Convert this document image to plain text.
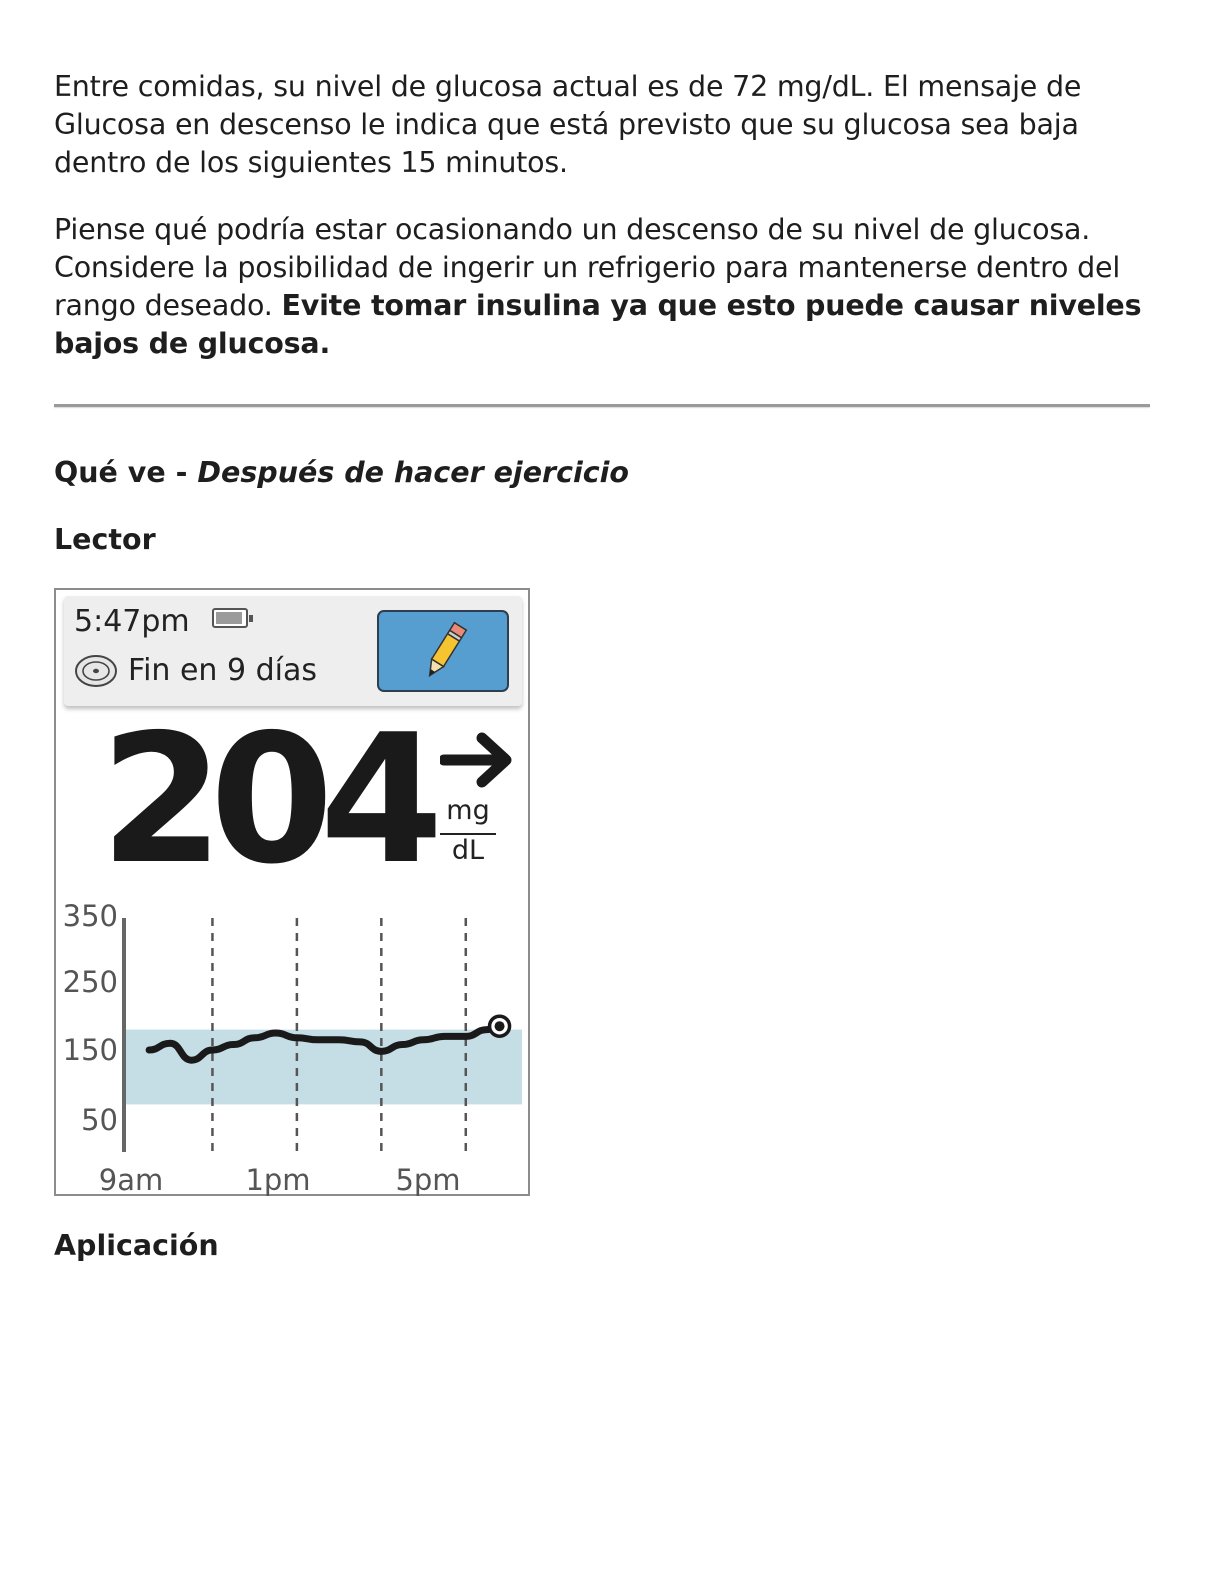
Entre comidas, su nivel de glucosa actual es de 72 mg/dL. El mensaje de Glucosa en descenso le indica que está previsto que su glucosa sea baja dentro de los siguientes 15 minutos.

Piense qué podría estar ocasionando un descenso de su nivel de glucosa. Considere la posibilidad de ingerir un refrigerio para mantenerse dentro del rango deseado. Evite tomar insulina ya que esto puede causar niveles bajos de glucosa.

Qué ve - Después de hacer ejercicio
Lector
5:47pm
Fin en 9 días
204 mg
dL
350
250
150
50
9am	1pm	5pm
Aplicación
